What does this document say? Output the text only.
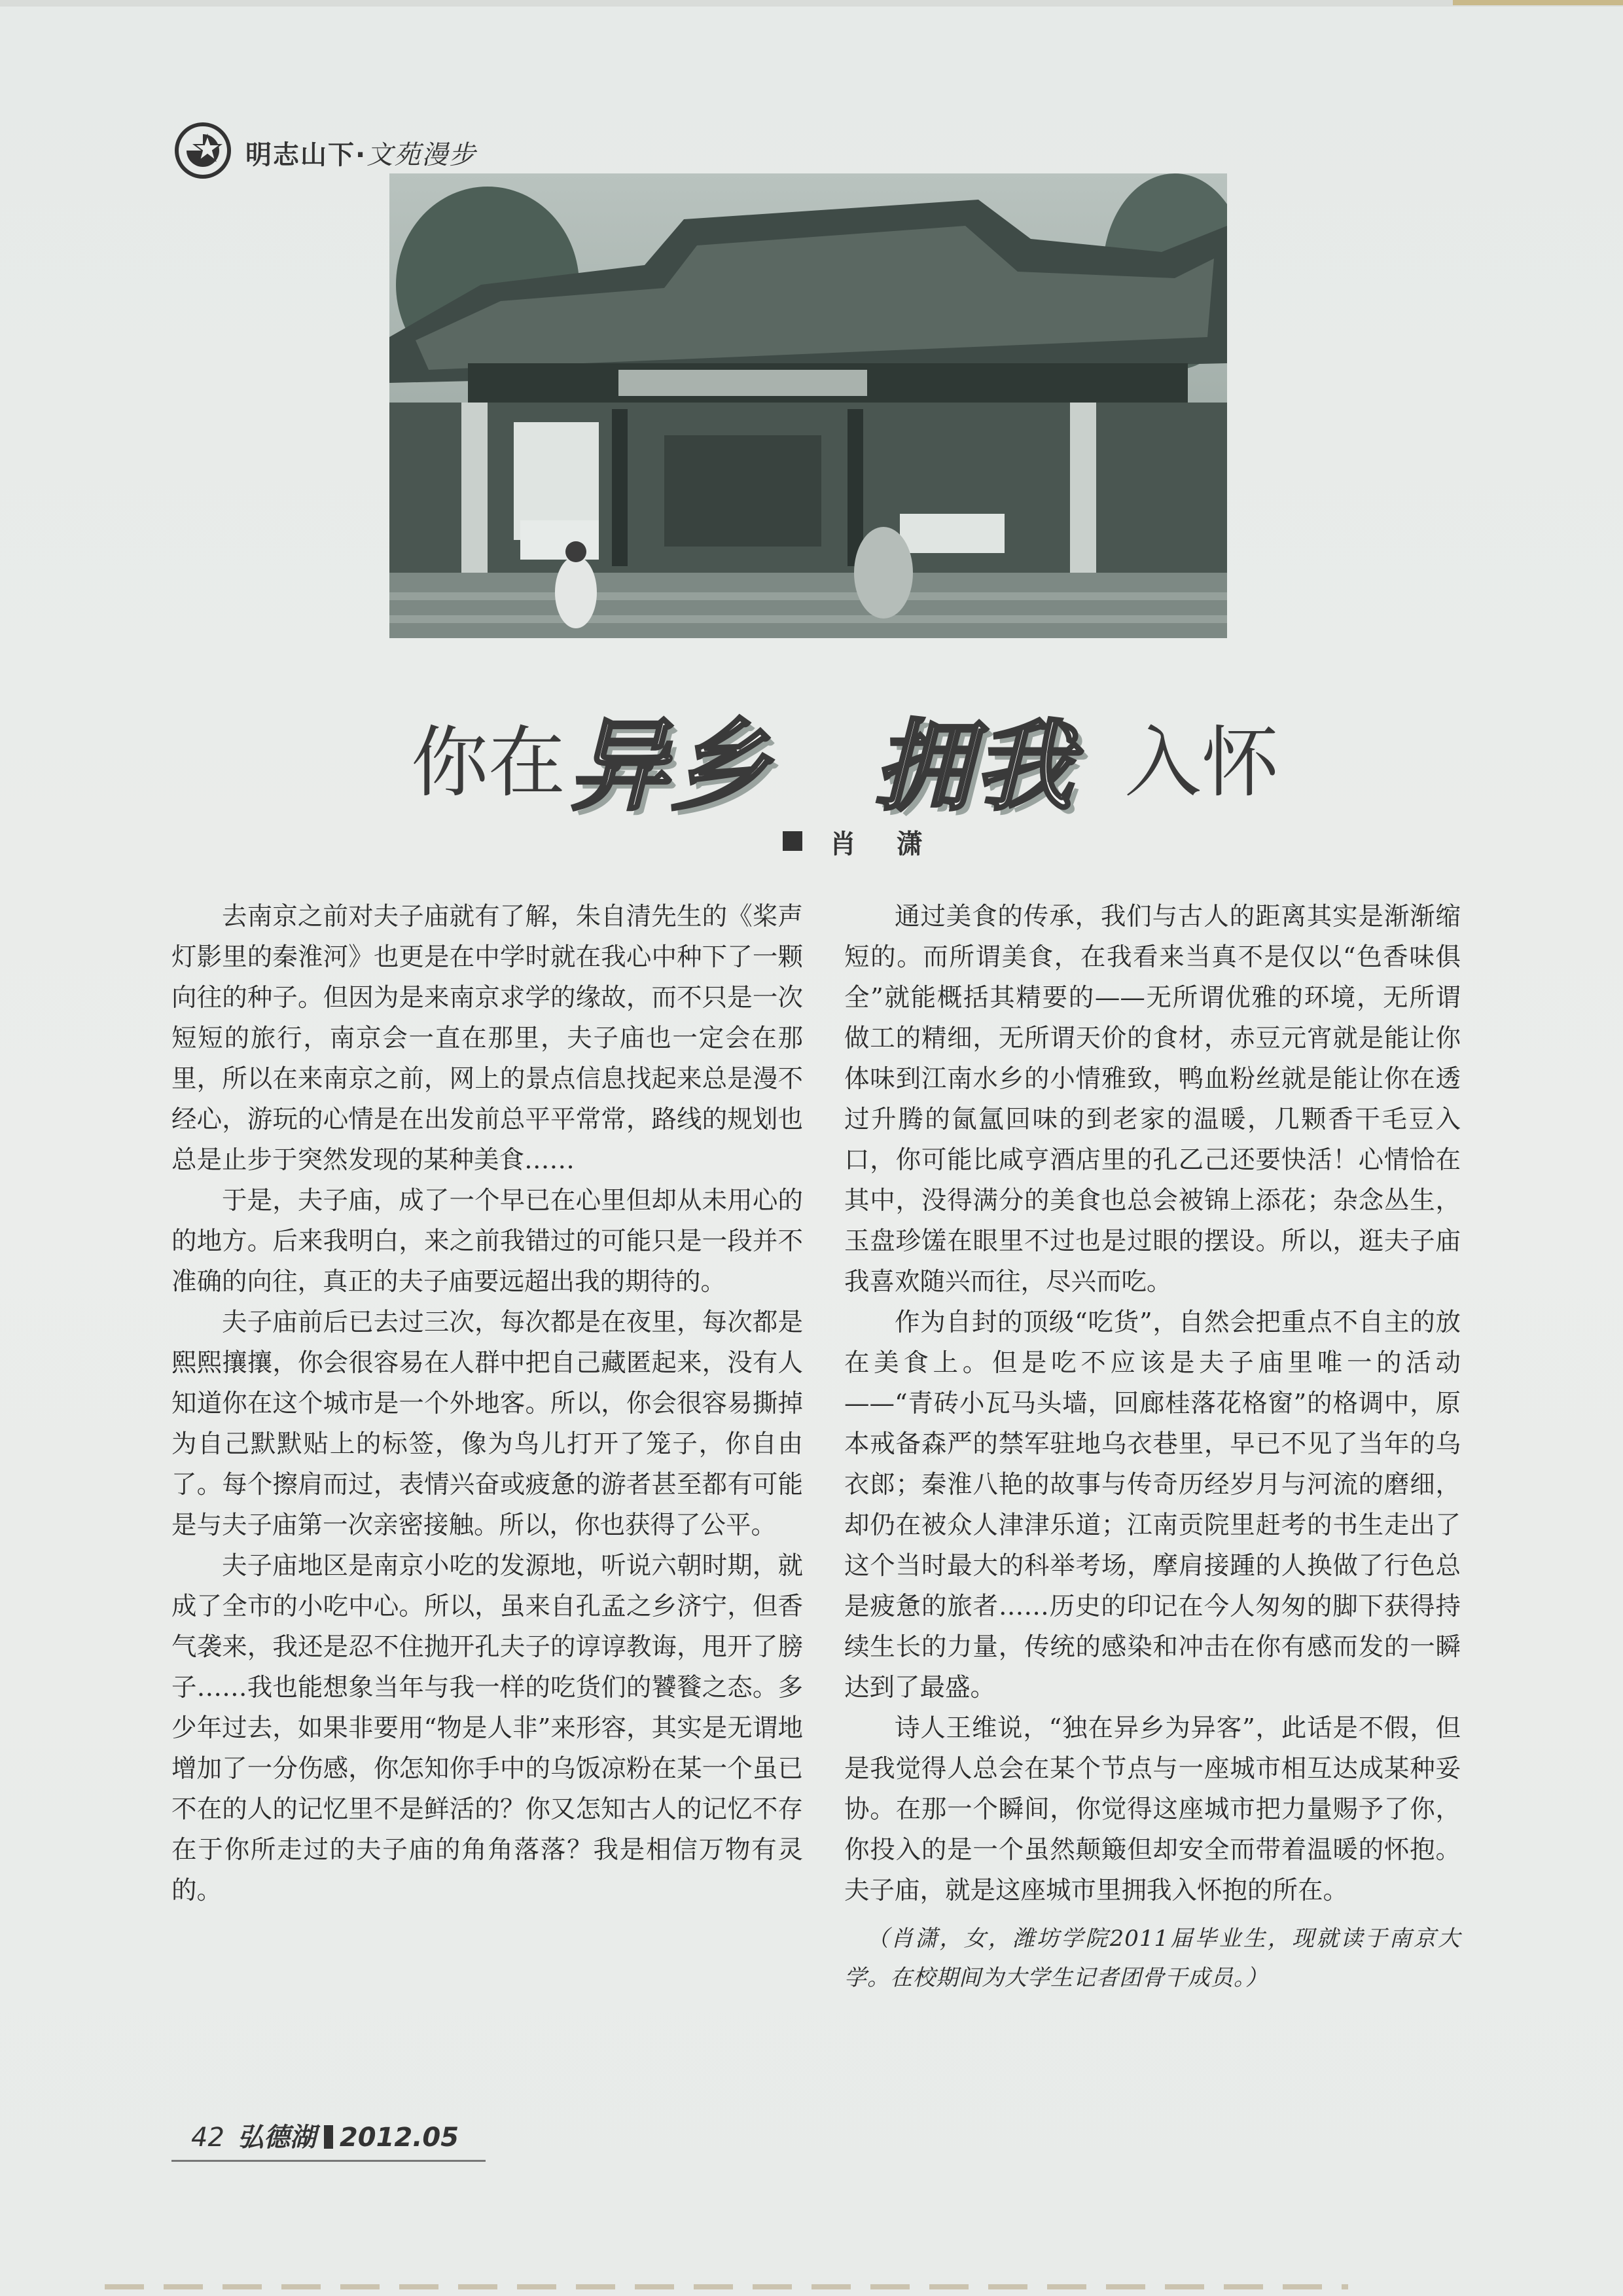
明志山下·文苑漫步
你在 异乡 拥我 入怀
肖 潇

去南京之前对夫子庙就有了解，朱自清先生的《桨声灯影里的秦淮河》也更是在中学时就在我心中种下了一颗向往的种子。但因为是来南京求学的缘故，而不只是一次短短的旅行，南京会一直在那里，夫子庙也一定会在那里，所以在来南京之前，网上的景点信息找起来总是漫不经心，游玩的心情是在出发前总平平常常，路线的规划也总是止步于突然发现的某种美食……

于是，夫子庙，成了一个早已在心里但却从未用心的的地方。后来我明白，来之前我错过的可能只是一段并不准确的向往，真正的夫子庙要远超出我的期待的。

夫子庙前后已去过三次，每次都是在夜里，每次都是熙熙攘攘，你会很容易在人群中把自己藏匿起来，没有人知道你在这个城市是一个外地客。所以，你会很容易撕掉为自己默默贴上的标签，像为鸟儿打开了笼子，你自由了。每个擦肩而过，表情兴奋或疲惫的游者甚至都有可能是与夫子庙第一次亲密接触。所以，你也获得了公平。

夫子庙地区是南京小吃的发源地，听说六朝时期，就成了全市的小吃中心。所以，虽来自孔孟之乡济宁，但香气袭来，我还是忍不住抛开孔夫子的谆谆教诲，甩开了膀子……我也能想象当年与我一样的吃货们的饕餮之态。多少年过去，如果非要用“物是人非”来形容，其实是无谓地增加了一分伤感，你怎知你手中的乌饭凉粉在某一个虽已不在的人的记忆里不是鲜活的？你又怎知古人的记忆不存在于你所走过的夫子庙的角角落落？我是相信万物有灵的。

通过美食的传承，我们与古人的距离其实是渐渐缩短的。而所谓美食，在我看来当真不是仅以“色香味俱全”就能概括其精要的——无所谓优雅的环境，无所谓做工的精细，无所谓天价的食材，赤豆元宵就是能让你体味到江南水乡的小情雅致，鸭血粉丝就是能让你在透过升腾的氤氲回味的到老家的温暖，几颗香干毛豆入口，你可能比咸亨酒店里的孔乙己还要快活！心情恰在其中，没得满分的美食也总会被锦上添花；杂念丛生，玉盘珍馐在眼里不过也是过眼的摆设。所以，逛夫子庙我喜欢随兴而往，尽兴而吃。

作为自封的顶级“吃货”，自然会把重点不自主的放在美食上。但是吃不应该是夫子庙里唯一的活动——“青砖小瓦马头墙，回廊桂落花格窗”的格调中，原本戒备森严的禁军驻地乌衣巷里，早已不见了当年的乌衣郎；秦淮八艳的故事与传奇历经岁月与河流的磨细，却仍在被众人津津乐道；江南贡院里赶考的书生走出了这个当时最大的科举考场，摩肩接踵的人换做了行色总是疲惫的旅者……历史的印记在今人匆匆的脚下获得持续生长的力量，传统的感染和冲击在你有感而发的一瞬达到了最盛。

诗人王维说，“独在异乡为异客”，此话是不假，但是我觉得人总会在某个节点与一座城市相互达成某种妥协。在那一个瞬间，你觉得这座城市把力量赐予了你，你投入的是一个虽然颠簸但却安全而带着温暖的怀抱。夫子庙，就是这座城市里拥我入怀抱的所在。

（肖潇，女，潍坊学院2011届毕业生，现就读于南京大学。在校期间为大学生记者团骨干成员。）

42 弘德湖 2012.05
